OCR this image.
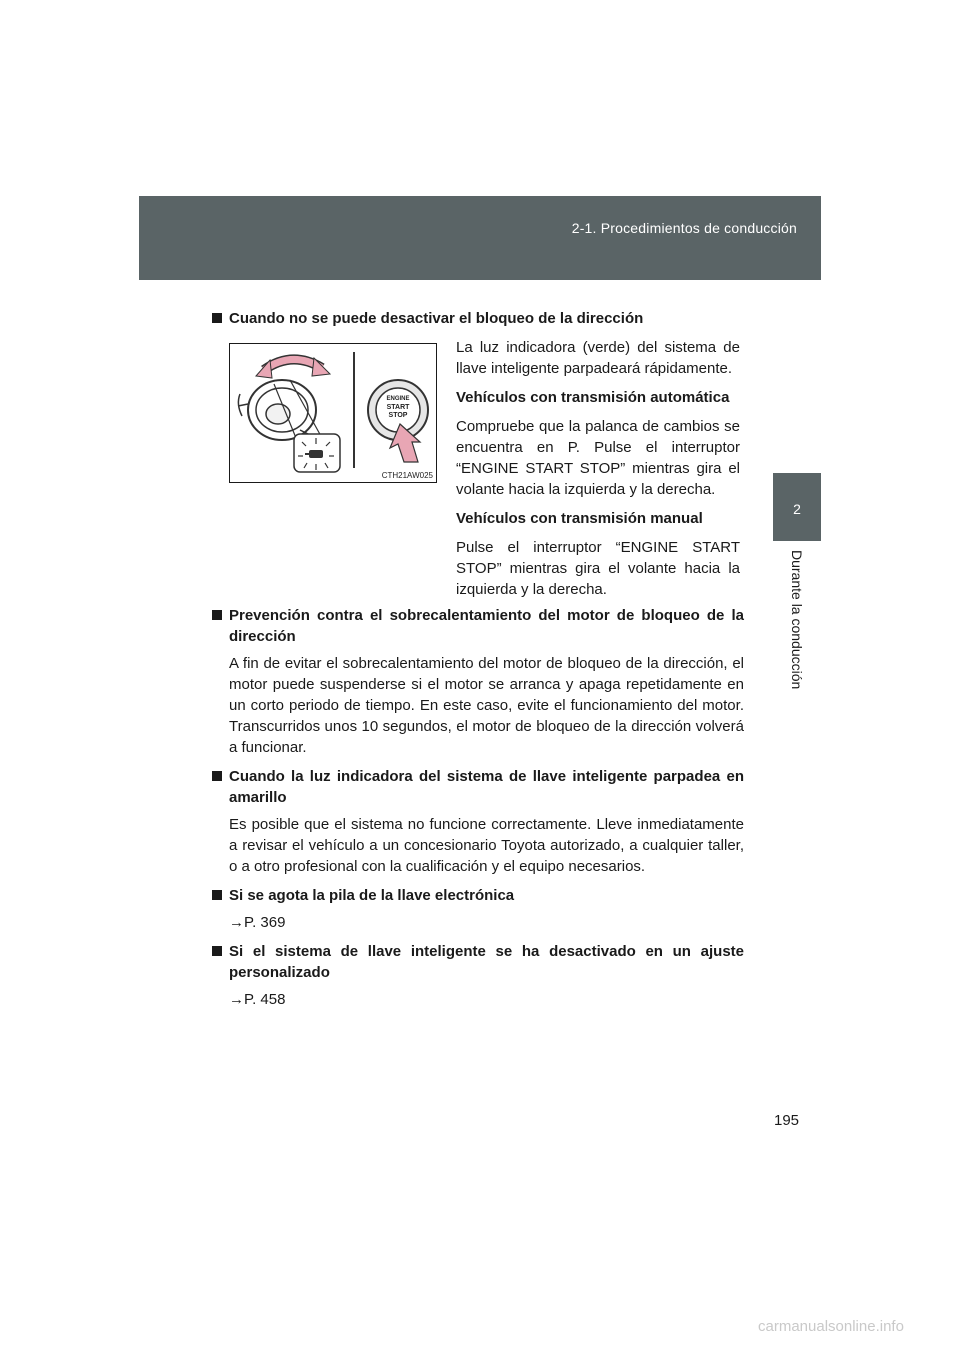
2-1. Procedimientos de conducción
2
Durante la conducción
Cuando no se puede desactivar el bloqueo de la dirección
ENGINE
START
STOP
CTH21AW025
La luz indicadora (verde) del sistema de llave inteligente parpadeará rápidamente.
Vehículos con transmisión automática
Compruebe que la palanca de cambios se encuentra en P. Pulse el interruptor “ENGINE START STOP” mientras gira el volante hacia la izquierda y la derecha.
Vehículos con transmisión manual
Pulse el interruptor “ENGINE START STOP” mientras gira el volante hacia la izquierda y la derecha.
Prevención contra el sobrecalentamiento del motor de bloqueo de la dirección
A fin de evitar el sobrecalentamiento del motor de bloqueo de la dirección, el motor puede suspenderse si el motor se arranca y apaga repetidamente en un corto periodo de tiempo. En este caso, evite el funcionamiento del motor. Transcurridos unos 10 segundos, el motor de bloqueo de la dirección volverá a funcionar.
Cuando la luz indicadora del sistema de llave inteligente parpadea en amarillo
Es posible que el sistema no funcione correctamente. Lleve inmediatamente a revisar el vehículo a un concesionario Toyota autorizado, a cualquier taller, o a otro profesional con la cualificación y el equipo necesarios.
Si se agota la pila de la llave electrónica
→P. 369
Si el sistema de llave inteligente se ha desactivado en un ajuste personalizado
→P. 458
195
carmanualsonline.info
